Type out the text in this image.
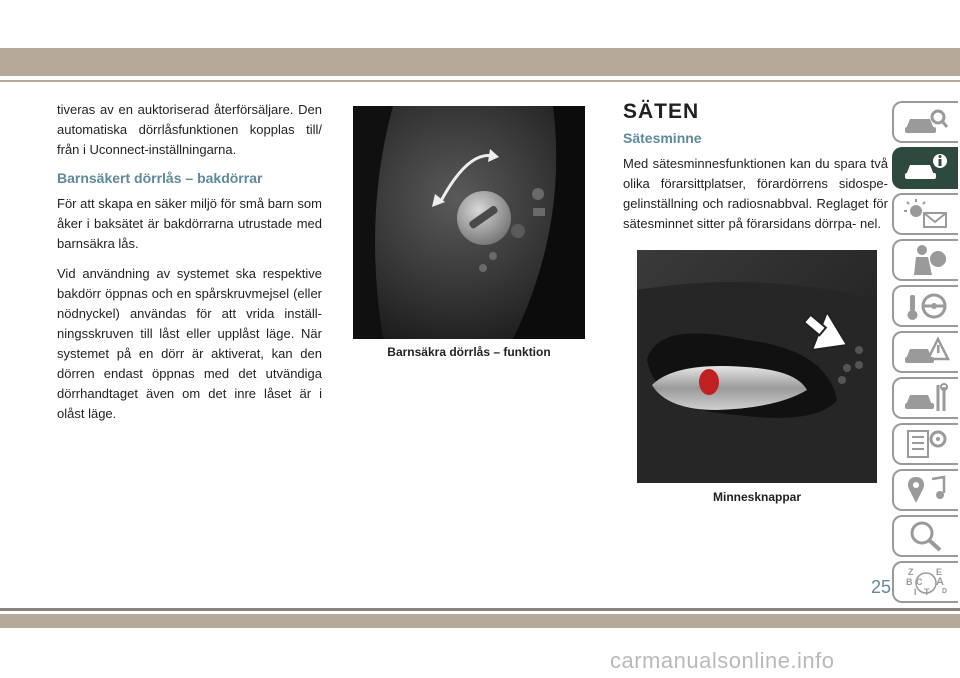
tiveras av en auktoriserad återförsäljare. Den automatiska dörrlåsfunktionen kopplas till/ från i Uconnect-inställningarna.

Barnsäkert dörrlås – bakdörrar

För att skapa en säker miljö för små barn som åker i baksätet är bakdörrarna utrustade med barnsäkra lås.

Vid användning av systemet ska respektive bakdörr öppnas och en spårskruvmejsel (eller nödnyckel) användas för att vrida inställ- ningsskruven till låst eller upplåst läge. När systemet på en dörr är aktiverat, kan den dörren endast öppnas med det utvändiga dörrhandtaget även om det inre låset är i olåst läge.

Barnsäkra dörrlås – funktion
SÄTEN
Sätesminne

Med sätesminnesfunktionen kan du spara två olika förarsittplatser, förardörrens sidospe- gelinställning och radiosnabbval. Reglaget för sätesminnet sitter på förarsidans dörrpa- nel.

Minnesknappar
Z	E
B A
C
D
I T
25
carmanualsonline.info
